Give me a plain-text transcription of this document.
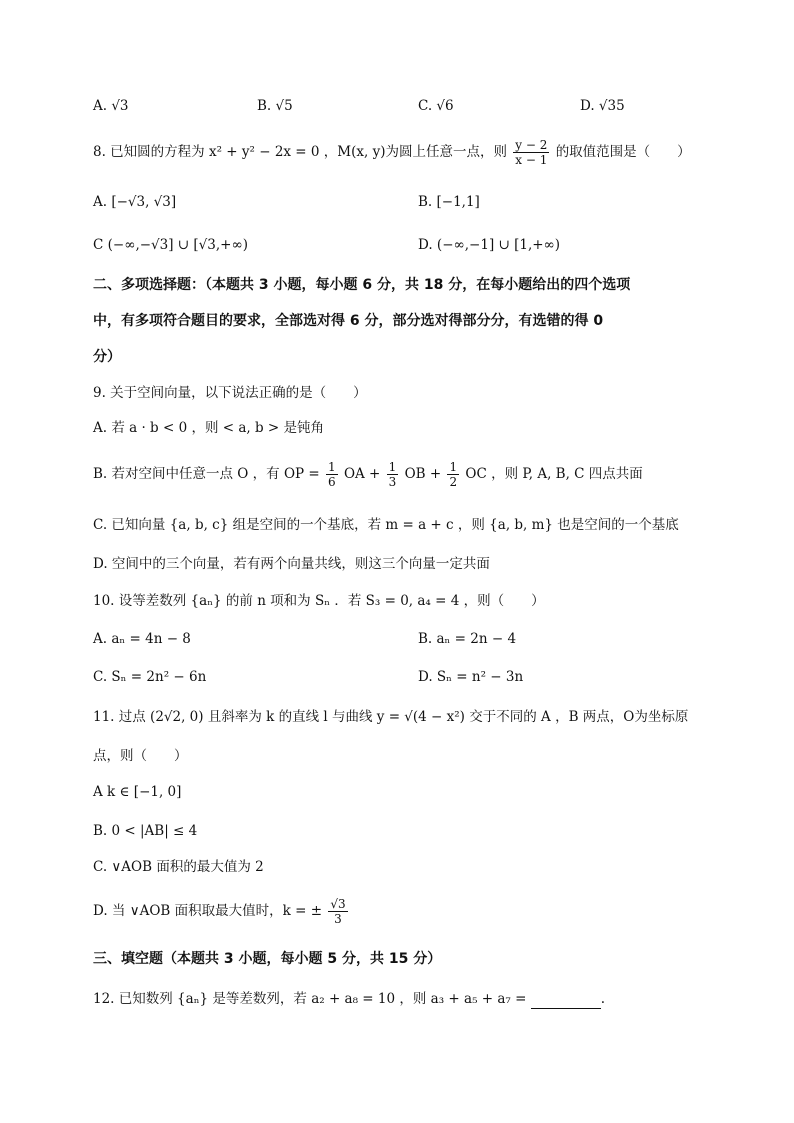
A. √3	B. √5	C. √6	D. √35
8. 已知圆的方程为 x² + y² − 2x = 0 ，M(x, y)为圆上任意一点，则 $\frac{y - 2}{x - 1}$ 的取值范围是（　　）
A. [−√3, √3]	B. [−1,1]
C (−∞,−√3] ∪ [√3,+∞)	D. (−∞,−1] ∪ [1,+∞)
二、多项选择题：（本题共 3 小题，每小题 6 分，共 18 分，在每小题给出的四个选项
中，有多项符合题目的要求，全部选对得 6 分，部分选对得部分分，有选错的得 0
分）
9. 关于空间向量，以下说法正确的是（　　）
A. 若 a · b < 0 ，则 < a, b > 是钝角
B. 若对空间中任意一点 O ，有 OP = $\frac{1}{6}$ OA + $\frac{1}{3}$ OB + $\frac{1}{2}$ OC ，则 P, A, B, C 四点共面
C. 已知向量 {a, b, c} 组是空间的一个基底，若 m = a + c ，则 {a, b, m} 也是空间的一个基底
D. 空间中的三个向量，若有两个向量共线，则这三个向量一定共面
10. 设等差数列 {aₙ} 的前 n 项和为 Sₙ ．若 S₃ = 0, a₄ = 4 ，则（　　）
A. aₙ = 4n − 8	B. aₙ = 2n − 4
C. Sₙ = 2n² − 6n	D. Sₙ = n² − 3n
11. 过点 (2√2, 0) 且斜率为 k 的直线 l 与曲线 y = √(4 − x²) 交于不同的 A ，B 两点，O为坐标原
点，则（　　）
A k ∈ [−1, 0]
B. 0 < |AB| ≤ 4
C. ∨AOB 面积的最大值为 2
D. 当 ∨AOB 面积取最大值时，k = ± $\frac{√3}{3}$
三、填空题（本题共 3 小题，每小题 5 分，共 15 分）
12. 已知数列 {aₙ} 是等差数列，若 a₂ + a₈ = 10 ，则 a₃ + a₅ + a₇ =	.
